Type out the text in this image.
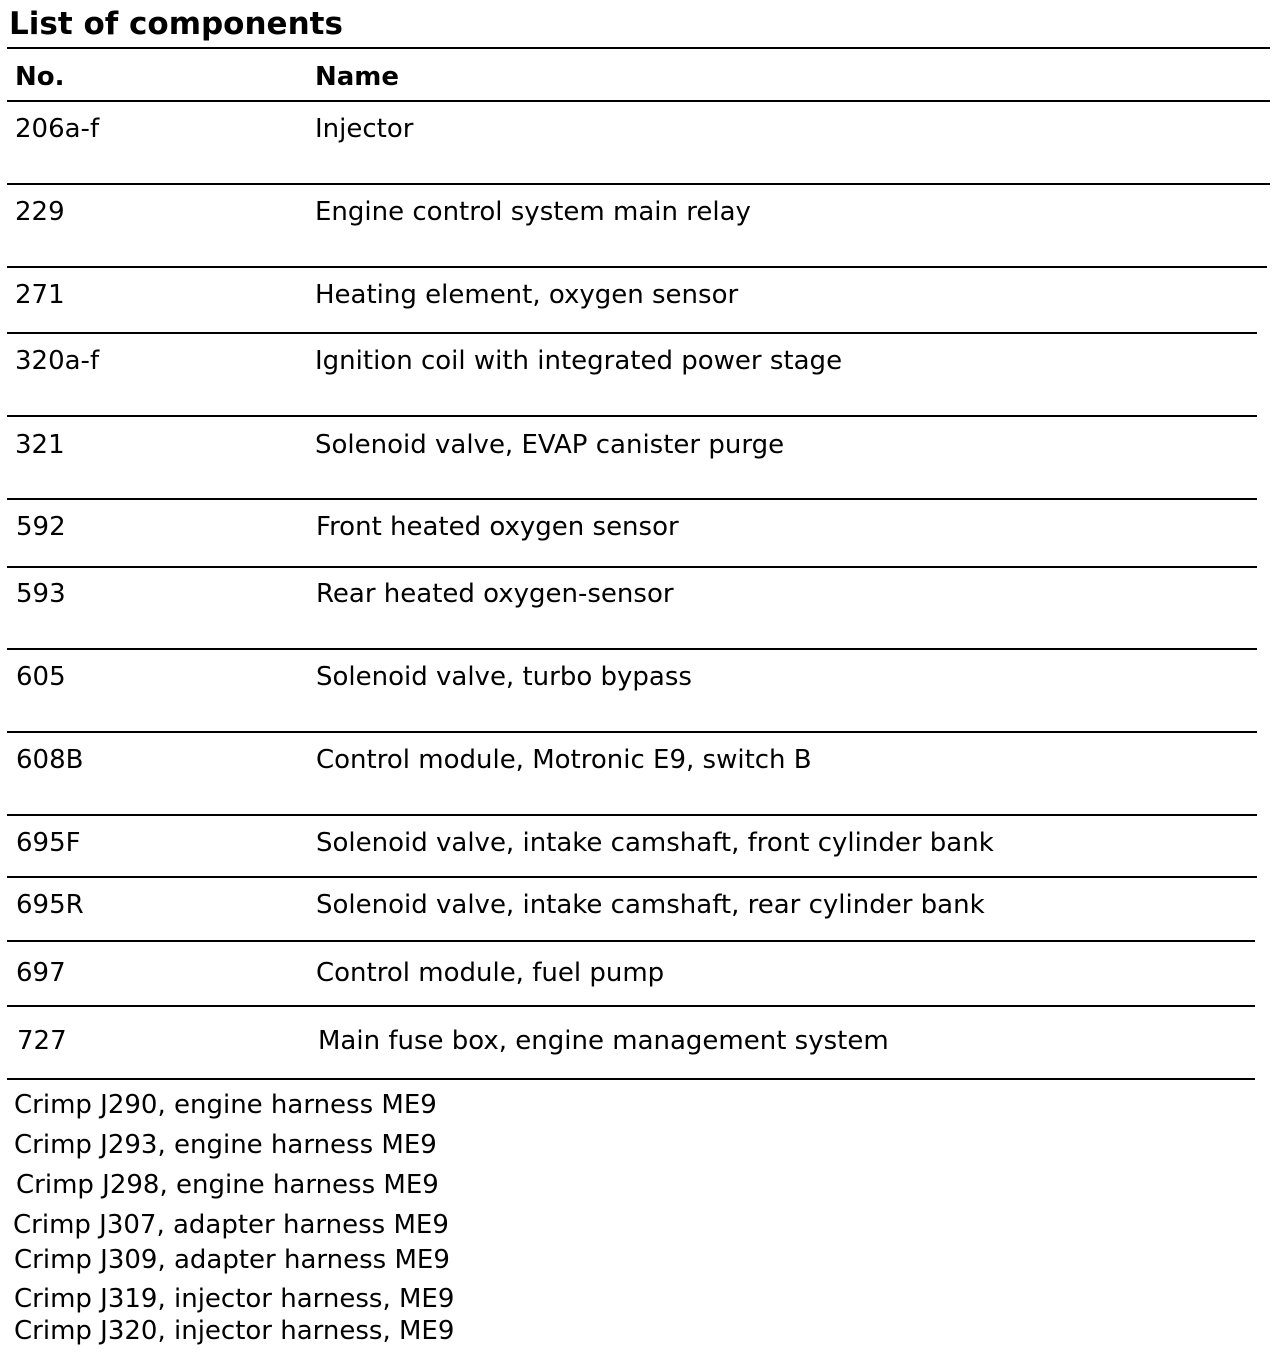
List of components
No.	Name
206a-f	Injector
229	Engine control system main relay
271	Heating element, oxygen sensor
320a-f	Ignition coil with integrated power stage
321	Solenoid valve, EVAP canister purge
592	Front heated oxygen sensor
593	Rear heated oxygen-sensor
605	Solenoid valve, turbo bypass
608B	Control module, Motronic E9, switch B
695F	Solenoid valve, intake camshaft, front cylinder bank
695R	Solenoid valve, intake camshaft, rear cylinder bank
697	Control module, fuel pump
727	Main fuse box, engine management system
Crimp J290, engine harness ME9
Crimp J293, engine harness ME9
Crimp J298, engine harness ME9
Crimp J307, adapter harness ME9
Crimp J309, adapter harness ME9
Crimp J319, injector harness, ME9
Crimp J320, injector harness, ME9
